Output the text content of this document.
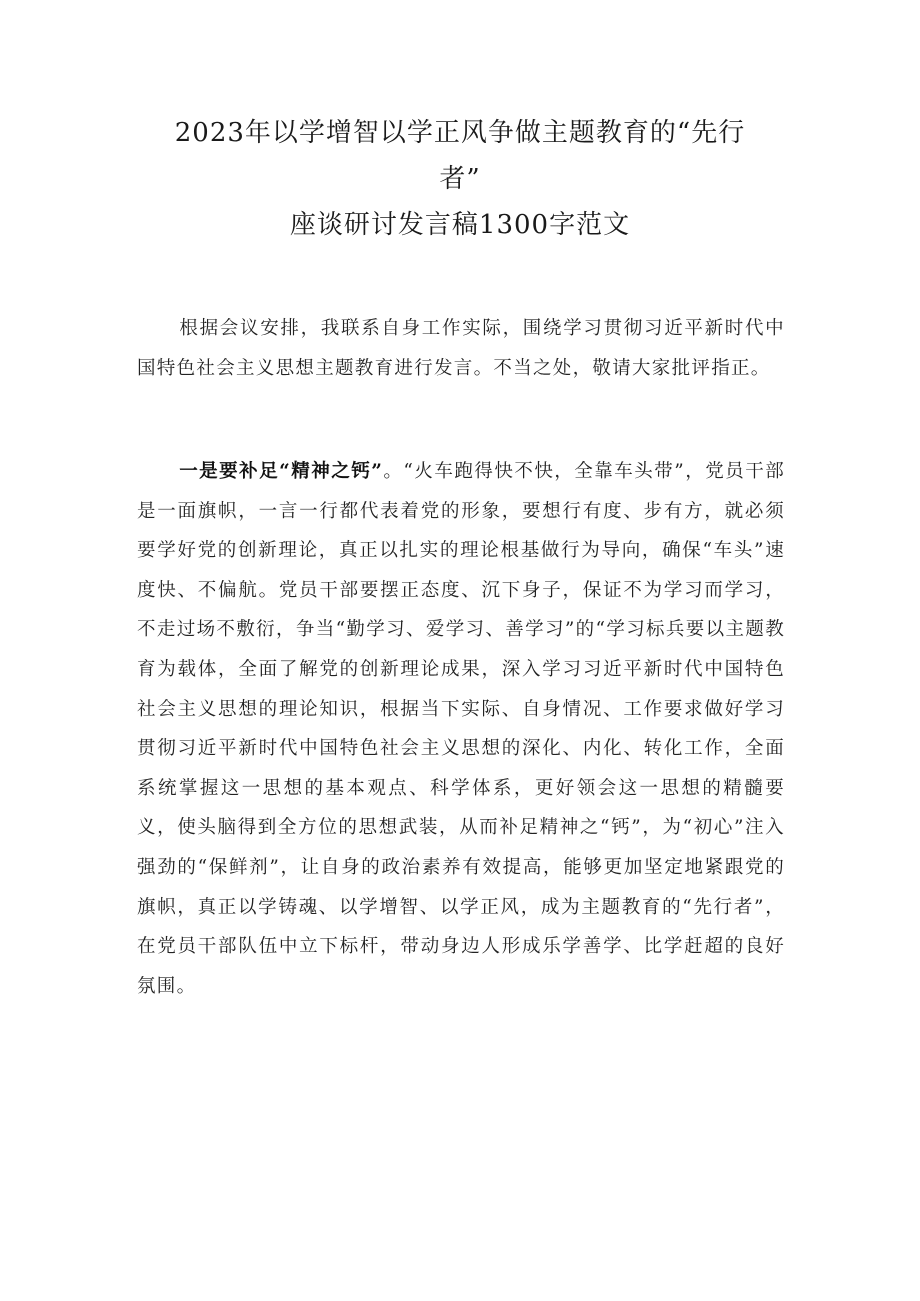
2023年以学增智以学正风争做主题教育的“先行
者”
座谈研讨发言稿1300字范文
根据会议安排，我联系自身工作实际，围绕学习贯彻习近平新时代中国特色社会主义思想主题教育进行发言。不当之处，敬请大家批评指正。
一是要补足“精神之钙”。“火车跑得快不快，全靠车头带”，党员干部是一面旗帜，一言一行都代表着党的形象，要想行有度、步有方，就必须要学好党的创新理论，真正以扎实的理论根基做行为导向，确保“车头”速度快、不偏航。党员干部要摆正态度、沉下身子，保证不为学习而学习，不走过场不敷衍，争当“勤学习、爱学习、善学习”的“学习标兵要以主题教育为载体，全面了解党的创新理论成果，深入学习习近平新时代中国特色社会主义思想的理论知识，根据当下实际、自身情况、工作要求做好学习贯彻习近平新时代中国特色社会主义思想的深化、内化、转化工作，全面系统掌握这一思想的基本观点、科学体系，更好领会这一思想的精髓要义，使头脑得到全方位的思想武装，从而补足精神之“钙”，为“初心”注入强劲的“保鲜剂”，让自身的政治素养有效提高，能够更加坚定地紧跟党的旗帜，真正以学铸魂、以学增智、以学正风，成为主题教育的“先行者”，在党员干部队伍中立下标杆，带动身边人形成乐学善学、比学赶超的良好氛围。
